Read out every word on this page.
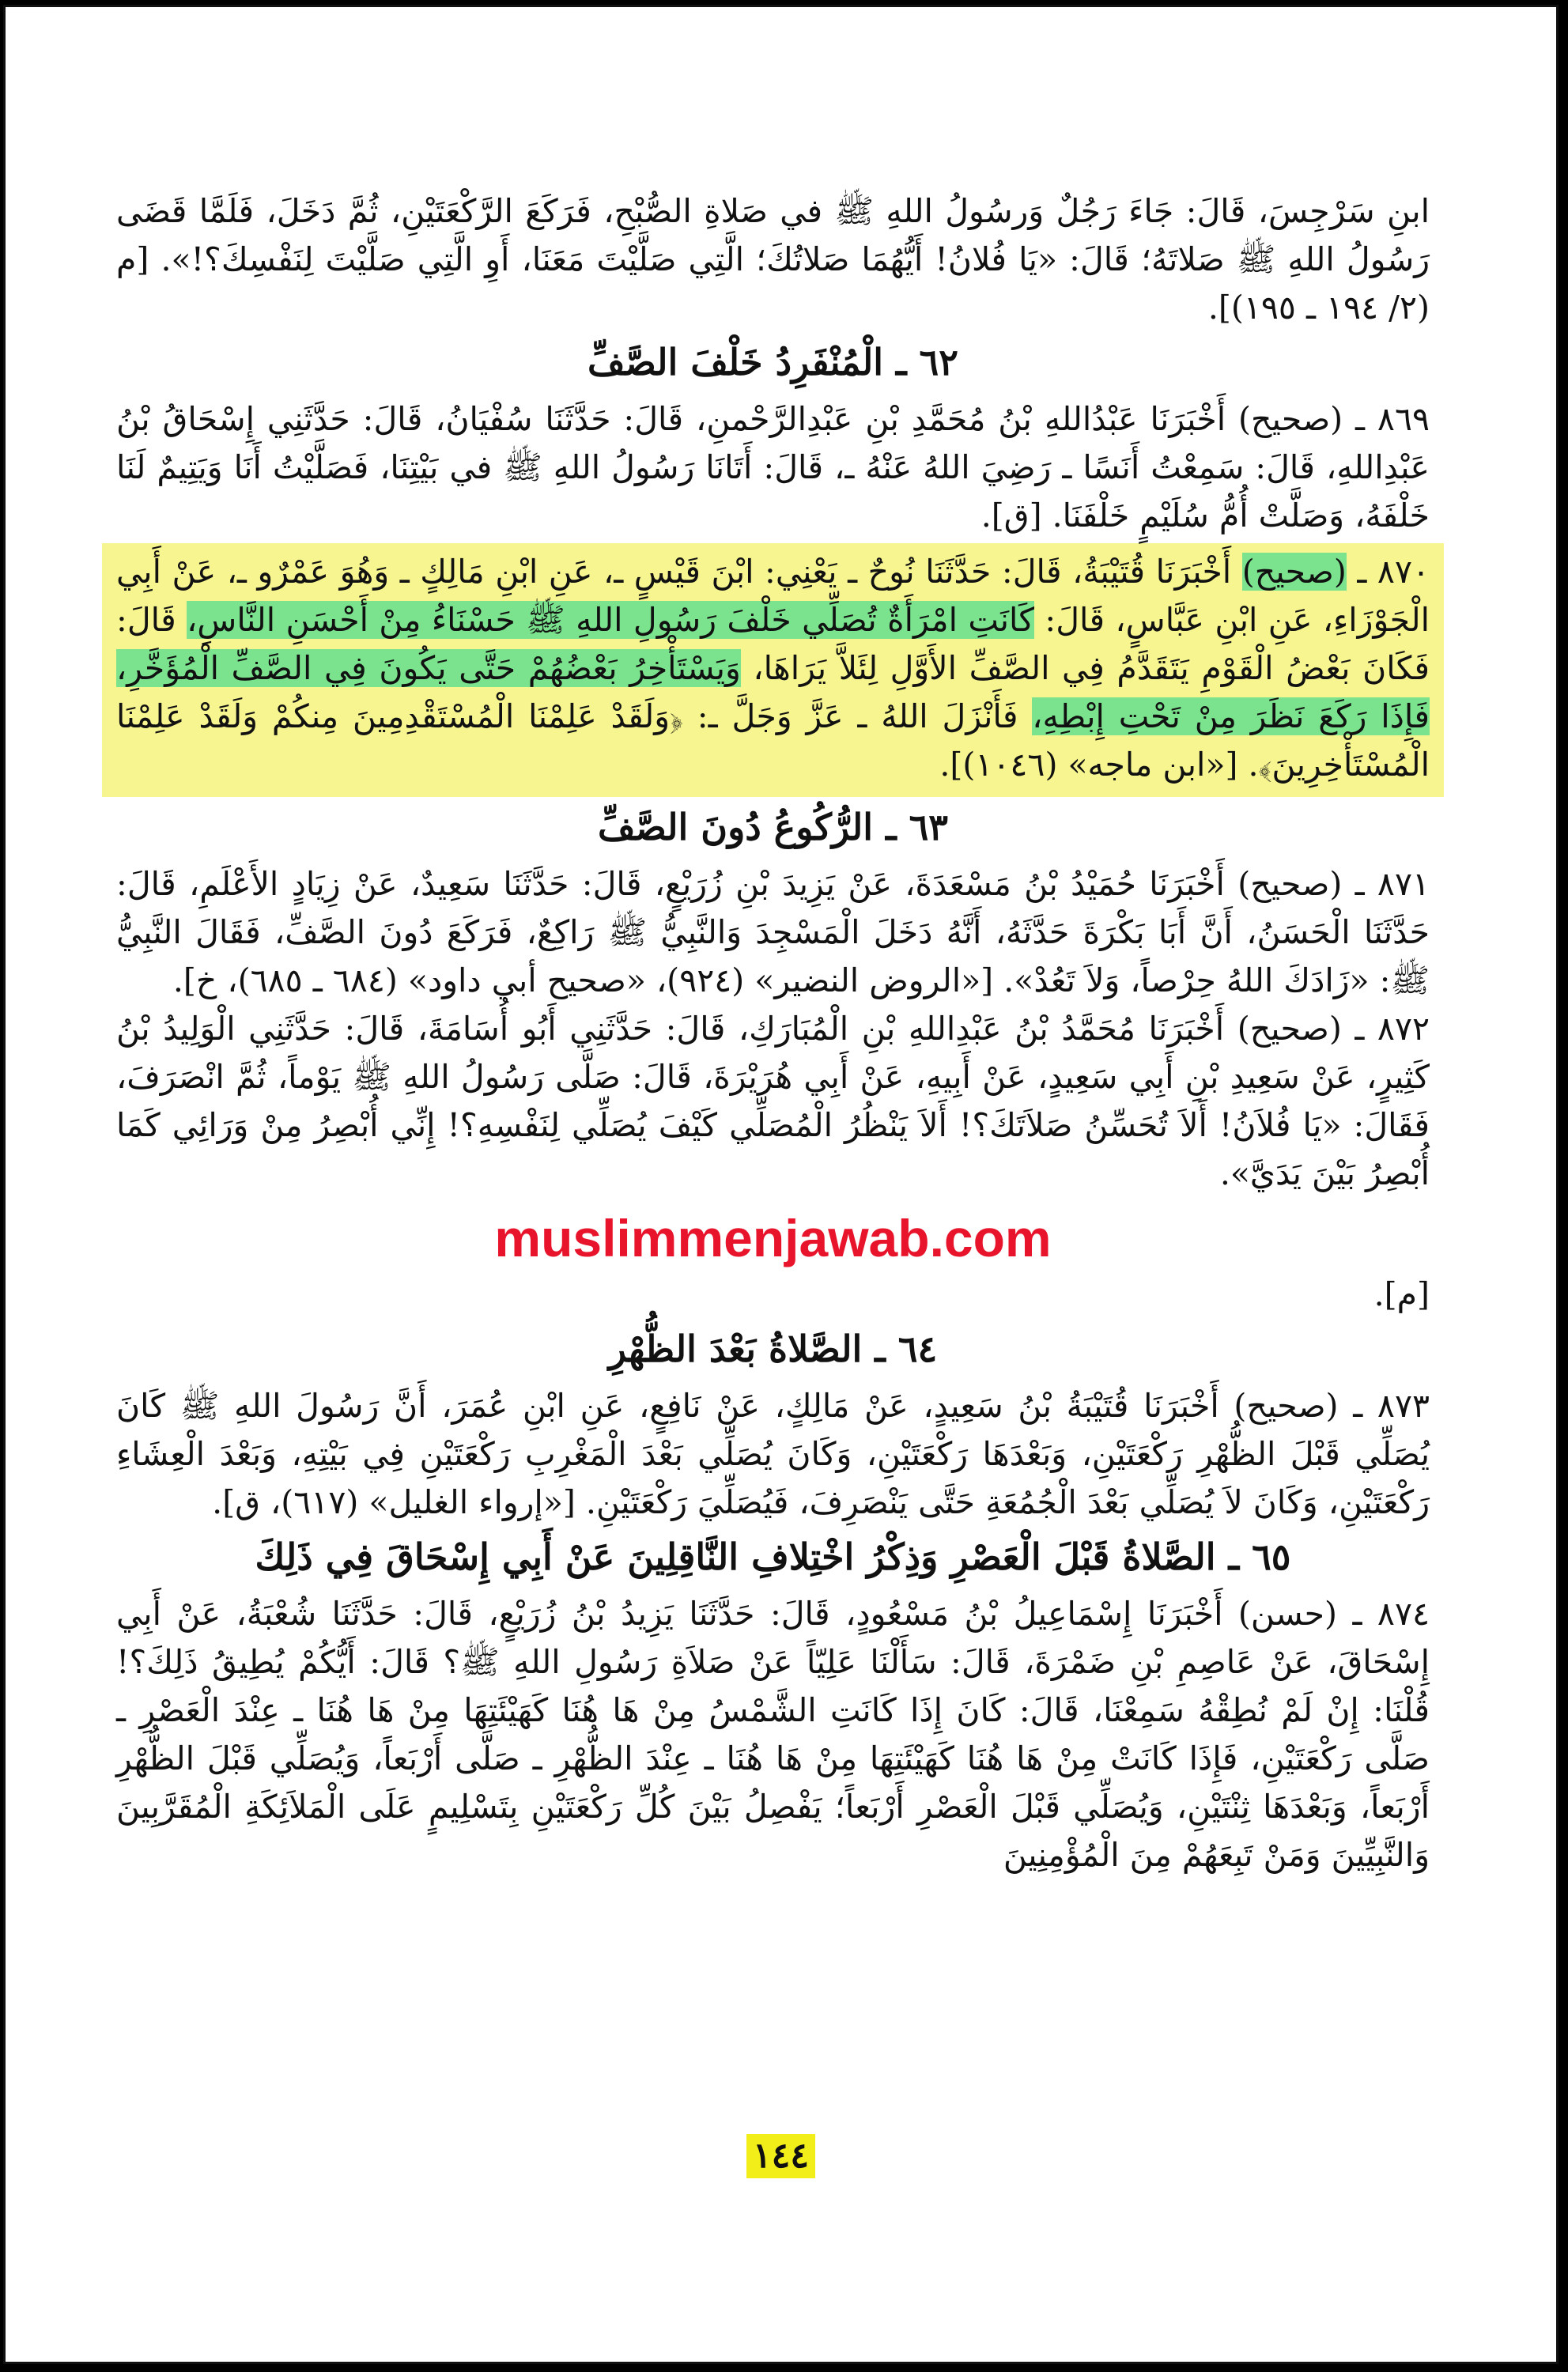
ابنِ سَرْجِسَ، قَالَ: جَاءَ رَجُلٌ وَرسُولُ اللهِ ﷺ في صَلاةِ الصُّبْحِ، فَرَكَعَ الرَّكْعَتَيْنِ، ثُمَّ دَخَلَ، فَلَمَّا قَضَى رَسُولُ اللهِ ﷺ صَلاتَهُ؛ قَالَ: «يَا فُلانُ! أَيُّهُمَا صَلاتُكَ؛ الَّتِي صَلَّيْتَ مَعَنَا، أَوِ الَّتِي صَلَّيْتَ لِنَفْسِكَ؟!». [م (٢/ ١٩٤ ـ ١٩٥)].

٦٢ ـ الْمُنْفَرِدُ خَلْفَ الصَّفِّ

٨٦٩ ـ (صحيح) أَخْبَرَنَا عَبْدُاللهِ بْنُ مُحَمَّدِ بْنِ عَبْدِالرَّحْمنِ، قَالَ: حَدَّثَنَا سُفْيَانُ، قَالَ: حَدَّثَنِي إِسْحَاقُ بْنُ عَبْدِاللهِ، قَالَ: سَمِعْتُ أَنَسًا ـ رَضِيَ اللهُ عَنْهُ ـ، قَالَ: أَتَانَا رَسُولُ اللهِ ﷺ في بَيْتِنَا، فَصَلَّيْتُ أَنَا وَيَتِيمٌ لَنَا خَلْفَهُ، وَصَلَّتْ أُمُّ سُلَيْمٍ خَلْفَنَا. [ق].

٨٧٠ ـ (صحيح) أَخْبَرَنَا قُتَيْبَةُ، قَالَ: حَدَّثَنَا نُوحٌ ـ يَعْنِي: ابْنَ قَيْسٍ ـ، عَنِ ابْنِ مَالِكٍ ـ وَهُوَ عَمْرٌو ـ، عَنْ أَبِي الْجَوْزَاءِ، عَنِ ابْنِ عَبَّاسٍ، قَالَ: كَانَتِ امْرَأَةٌ تُصَلِّي خَلْفَ رَسُولِ اللهِ ﷺ حَسْنَاءُ مِنْ أَحْسَنِ النَّاسِ، قَالَ: فَكَانَ بَعْضُ الْقَوْمِ يَتَقَدَّمُ فِي الصَّفِّ الأَوَّلِ لِئَلاَّ يَرَاهَا، وَيَسْتَأْخِرُ بَعْضُهُمْ حَتَّى يَكُونَ فِي الصَّفِّ الْمُؤَخَّرِ، فَإِذَا رَكَعَ نَظَرَ مِنْ تَحْتِ إِبْطِهِ، فَأَنْزَلَ اللهُ ـ عَزَّ وَجَلَّ ـ: ﴿وَلَقَدْ عَلِمْنَا الْمُسْتَقْدِمِينَ مِنكُمْ وَلَقَدْ عَلِمْنَا الْمُسْتَأْخِرِينَ﴾. [«ابن ماجه» (١٠٤٦)].

٦٣ ـ الرُّكُوعُ دُونَ الصَّفِّ

٨٧١ ـ (صحيح) أَخْبَرَنَا حُمَيْدُ بْنُ مَسْعَدَةَ، عَنْ يَزِيدَ بْنِ زُرَيْعٍ، قَالَ: حَدَّثَنَا سَعِيدٌ، عَنْ زِيَادٍ الأَعْلَمِ، قَالَ: حَدَّثَنَا الْحَسَنُ، أَنَّ أَبَا بَكْرَةَ حَدَّثَهُ، أَنَّهُ دَخَلَ الْمَسْجِدَ وَالنَّبِيُّ ﷺ رَاكِعٌ، فَرَكَعَ دُونَ الصَّفِّ، فَقَالَ النَّبِيُّ ﷺ: «زَادَكَ اللهُ حِرْصاً، وَلاَ تَعُدْ». [«الروض النضير» (٩٢٤)، «صحيح أبي داود» (٦٨٤ ـ ٦٨٥)، خ].

٨٧٢ ـ (صحيح) أَخْبَرَنَا مُحَمَّدُ بْنُ عَبْدِاللهِ بْنِ الْمُبَارَكِ، قَالَ: حَدَّثَنِي أَبُو أُسَامَةَ، قَالَ: حَدَّثَنِي الْوَلِيدُ بْنُ كَثِيرٍ، عَنْ سَعِيدِ بْنِ أَبِي سَعِيدٍ، عَنْ أَبِيهِ، عَنْ أَبِي هُرَيْرَةَ، قَالَ: صَلَّى رَسُولُ اللهِ ﷺ يَوْماً، ثُمَّ انْصَرَفَ، فَقَالَ: «يَا فُلاَنُ! أَلاَ تُحَسِّنُ صَلاَتَكَ؟! أَلاَ يَنْظُرُ الْمُصَلِّي كَيْفَ يُصَلِّي لِنَفْسِهِ؟! إِنِّي أُبْصِرُ مِنْ وَرَائِي كَمَا أُبْصِرُ بَيْنَ يَدَيَّ».

muslimmenjawab.com

[م].

٦٤ ـ الصَّلاةُ بَعْدَ الظُّهْرِ

٨٧٣ ـ (صحيح) أَخْبَرَنَا قُتَيْبَةُ بْنُ سَعِيدٍ، عَنْ مَالِكٍ، عَنْ نَافِعٍ، عَنِ ابْنِ عُمَرَ، أَنَّ رَسُولَ اللهِ ﷺ كَانَ يُصَلِّي قَبْلَ الظُّهْرِ رَكْعَتَيْنِ، وَبَعْدَهَا رَكْعَتَيْنِ، وَكَانَ يُصَلِّي بَعْدَ الْمَغْرِبِ رَكْعَتَيْنِ فِي بَيْتِهِ، وَبَعْدَ الْعِشَاءِ رَكْعَتَيْنِ، وَكَانَ لاَ يُصَلِّي بَعْدَ الْجُمُعَةِ حَتَّى يَنْصَرِفَ، فَيُصَلِّيَ رَكْعَتَيْنِ. [«إرواء الغليل» (٦١٧)، ق].

٦٥ ـ الصَّلاةُ قَبْلَ الْعَصْرِ وَذِكْرُ اخْتِلافِ النَّاقِلِينَ عَنْ أَبِي إِسْحَاقَ فِي ذَلِكَ

٨٧٤ ـ (حسن) أَخْبَرَنَا إِسْمَاعِيلُ بْنُ مَسْعُودٍ، قَالَ: حَدَّثَنَا يَزِيدُ بْنُ زُرَيْعٍ، قَالَ: حَدَّثَنَا شُعْبَةُ، عَنْ أَبِي إِسْحَاقَ، عَنْ عَاصِمِ بْنِ ضَمْرَةَ، قَالَ: سَأَلْنَا عَلِيّاً عَنْ صَلاَةِ رَسُولِ اللهِ ﷺ؟ قَالَ: أَيُّكُمْ يُطِيقُ ذَلِكَ؟! قُلْنَا: إِنْ لَمْ نُطِقْهُ سَمِعْنَا، قَالَ: كَانَ إِذَا كَانَتِ الشَّمْسُ مِنْ هَا هُنَا كَهَيْئَتِهَا مِنْ هَا هُنَا ـ عِنْدَ الْعَصْرِ ـ صَلَّى رَكْعَتَيْنِ، فَإِذَا كَانَتْ مِنْ هَا هُنَا كَهَيْئَتِهَا مِنْ هَا هُنَا ـ عِنْدَ الظُّهْرِ ـ صَلَّى أَرْبَعاً، وَيُصَلِّي قَبْلَ الظُّهْرِ أَرْبَعاً، وَبَعْدَهَا ثِنْتَيْنِ، وَيُصَلِّي قَبْلَ الْعَصْرِ أَرْبَعاً؛ يَفْصِلُ بَيْنَ كُلِّ رَكْعَتَيْنِ بِتَسْلِيمٍ عَلَى الْمَلاَئِكَةِ الْمُقَرَّبِينَ وَالنَّبِيِّينَ وَمَنْ تَبِعَهُمْ مِنَ الْمُؤْمِنِينَ

١٤٤
